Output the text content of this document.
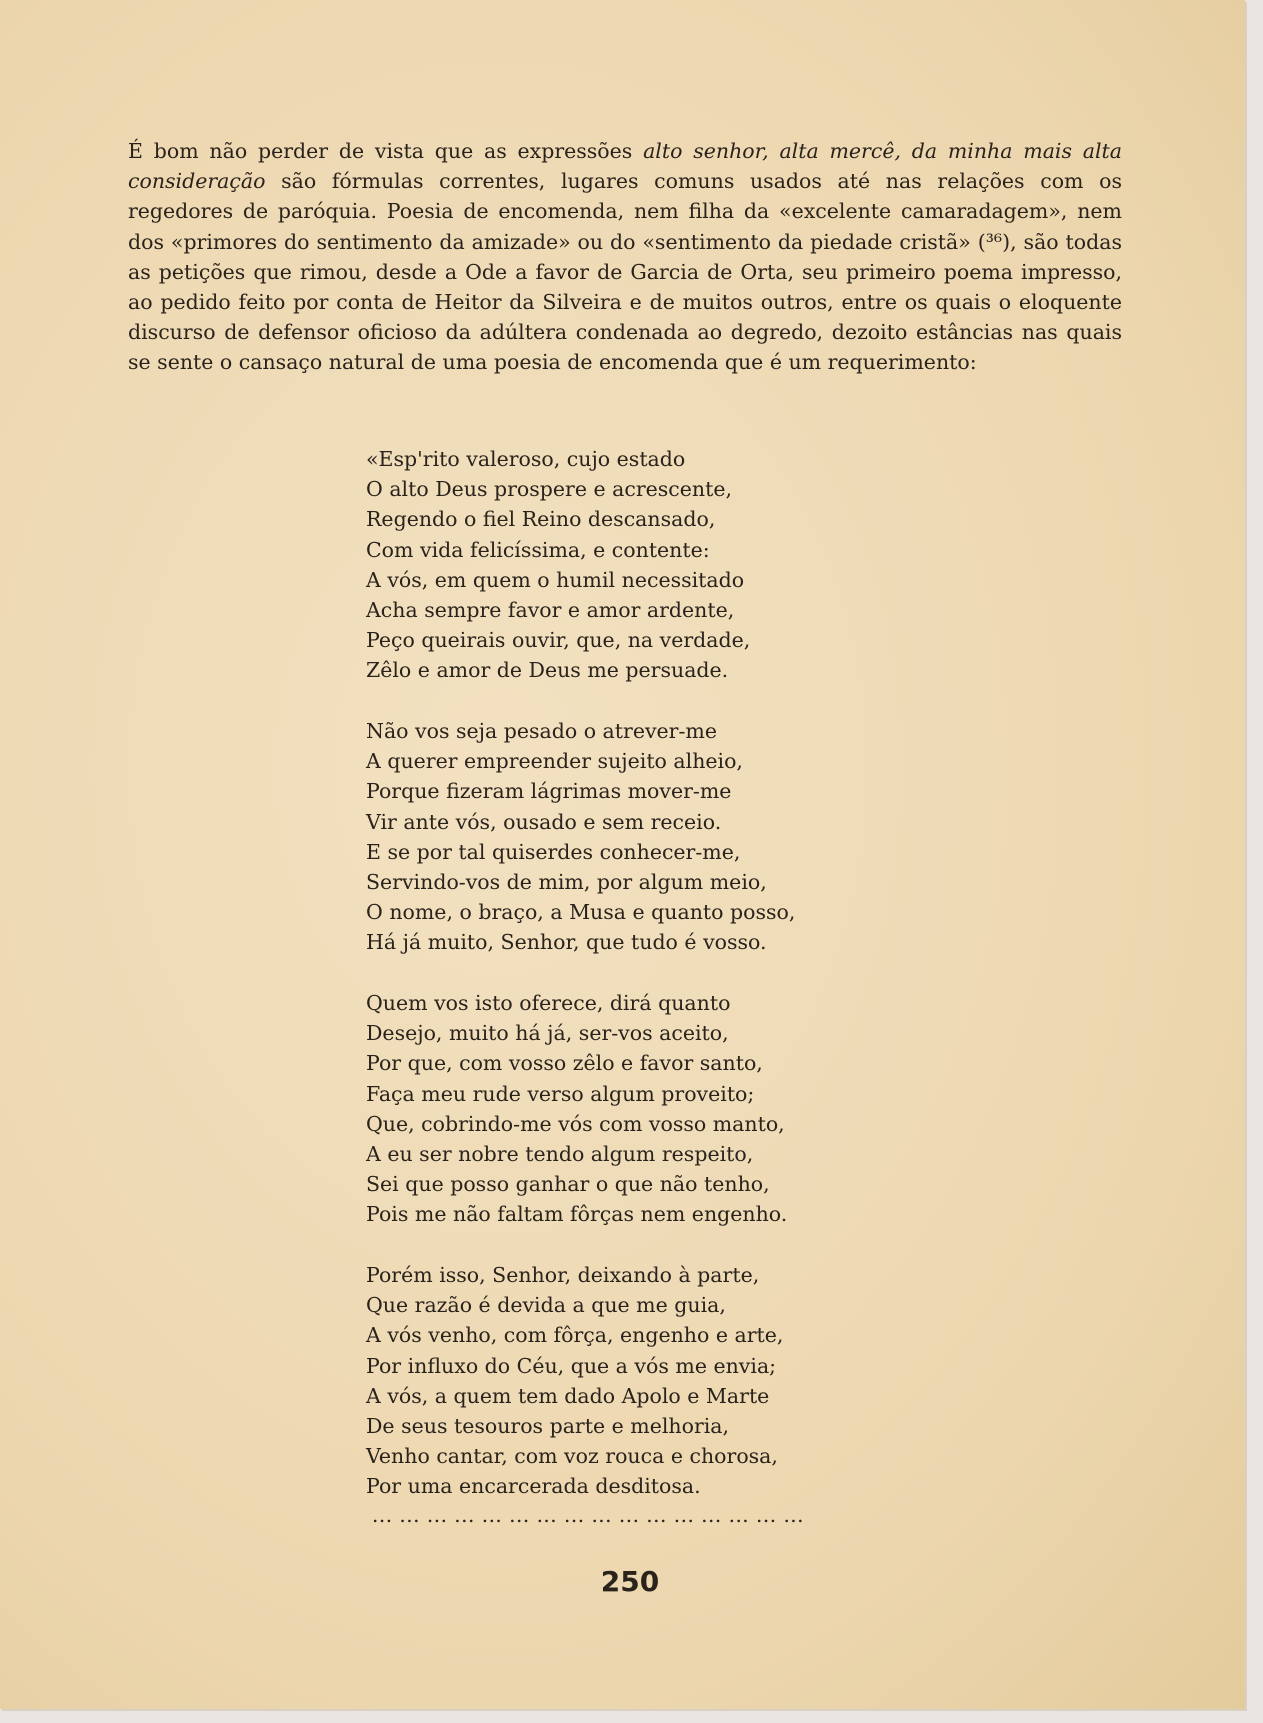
É bom não perder de vista que as expressões alto senhor, alta mercê, da minha mais alta consideração são fórmulas correntes, lugares comuns usados até nas relações com os regedores de paróquia. Poesia de encomenda, nem filha da «excelente camaradagem», nem dos «primores do sentimento da amizade» ou do «sentimento da piedade cristã» (³⁶), são todas as petições que rimou, desde a Ode a favor de Garcia de Orta, seu primeiro poema impresso, ao pedido feito por conta de Heitor da Silveira e de muitos outros, entre os quais o eloquente discurso de defensor oficioso da adúltera condenada ao degredo, dezoito estâncias nas quais se sente o cansaço natural de uma poesia de encomenda que é um requerimento:

«Esp'rito valeroso, cujo estado
O alto Deus prospere e acrescente,
Regendo o fiel Reino descansado,
Com vida felicíssima, e contente:
A vós, em quem o humil necessitado
Acha sempre favor e amor ardente,
Peço queirais ouvir, que, na verdade,
Zêlo e amor de Deus me persuade.
Não vos seja pesado o atrever-me
A querer empreender sujeito alheio,
Porque fizeram lágrimas mover-me
Vir ante vós, ousado e sem receio.
E se por tal quiserdes conhecer-me,
Servindo-vos de mim, por algum meio,
O nome, o braço, a Musa e quanto posso,
Há já muito, Senhor, que tudo é vosso.
Quem vos isto oferece, dirá quanto
Desejo, muito há já, ser-vos aceito,
Por que, com vosso zêlo e favor santo,
Faça meu rude verso algum proveito;
Que, cobrindo-me vós com vosso manto,
A eu ser nobre tendo algum respeito,
Sei que posso ganhar o que não tenho,
Pois me não faltam fôrças nem engenho.
Porém isso, Senhor, deixando à parte,
Que razão é devida a que me guia,
A vós venho, com fôrça, engenho e arte,
Por influxo do Céu, que a vós me envia;
A vós, a quem tem dado Apolo e Marte
De seus tesouros parte e melhoria,
Venho cantar, com voz rouca e chorosa,
Por uma encarcerada desditosa.
... ... ... ... ... ... ... ... ... ... ... ... ... ... ... ...
250
